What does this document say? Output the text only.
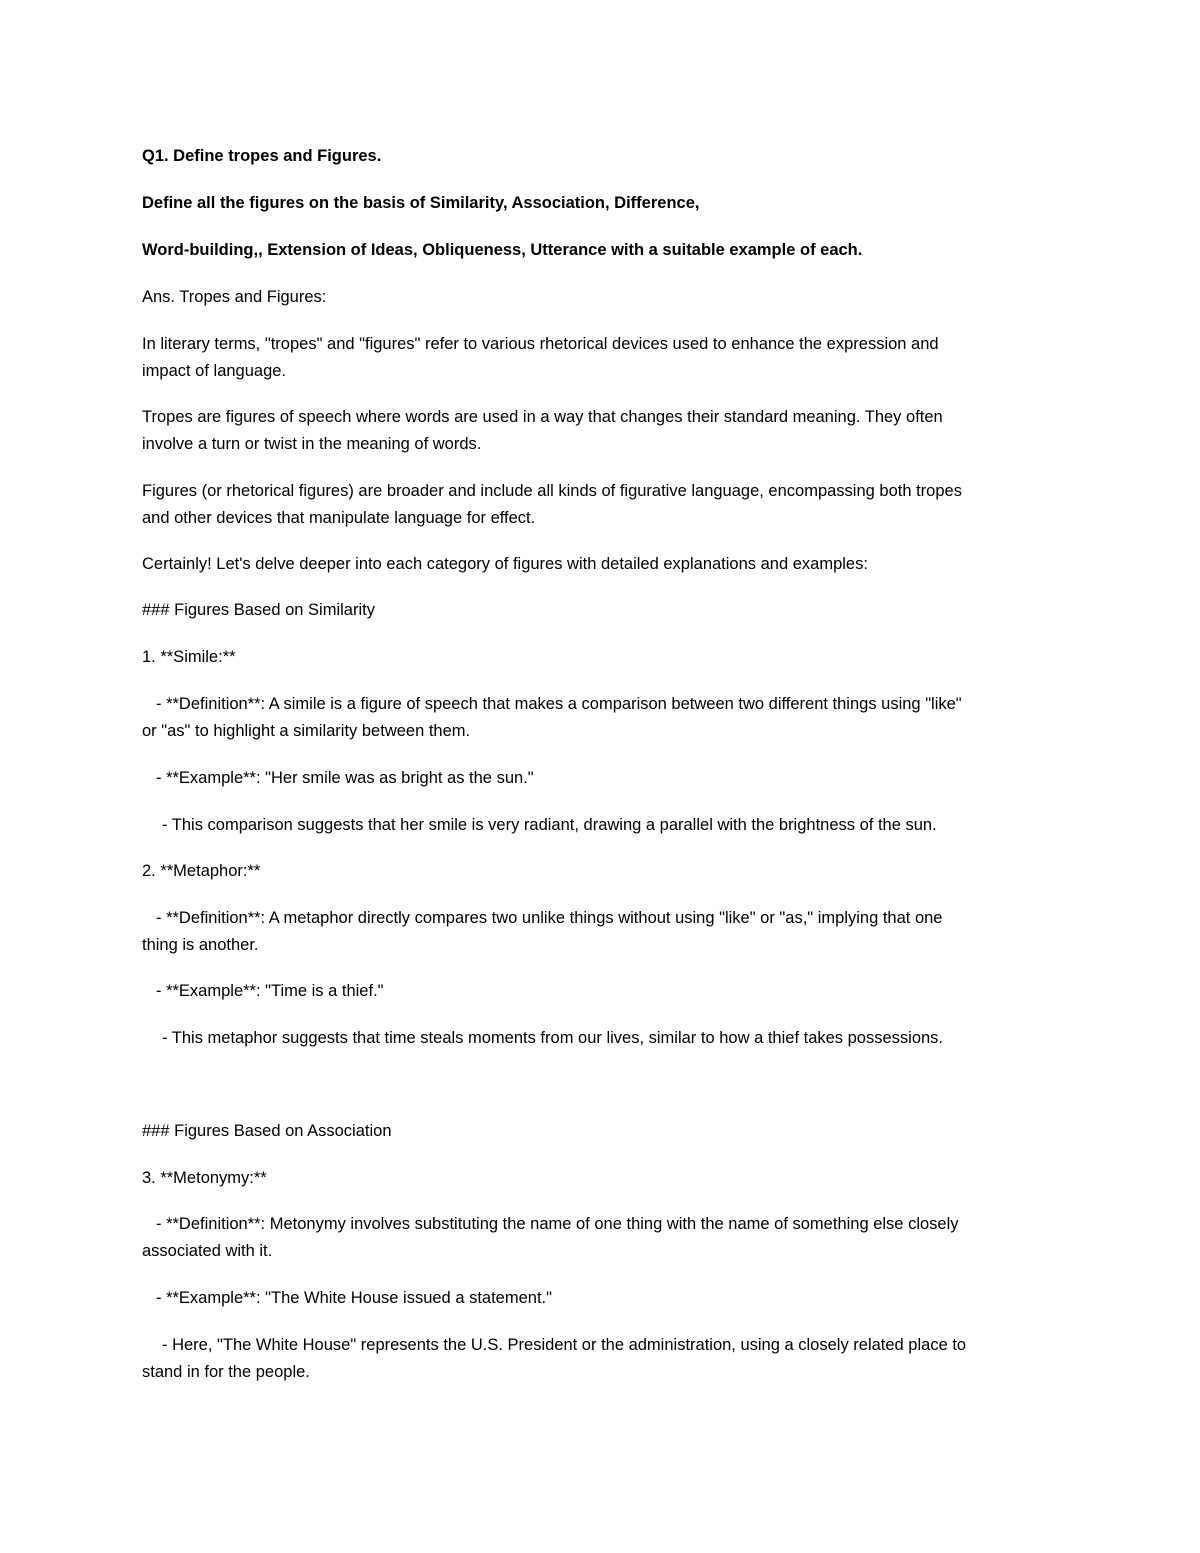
Q1. Define tropes and Figures.

Define all the figures on the basis of Similarity, Association, Difference,

Word-building,, Extension of Ideas, Obliqueness, Utterance with a suitable example of each.

Ans. Tropes and Figures:

In literary terms, "tropes" and "figures" refer to various rhetorical devices used to enhance the expression and

impact of language.

Tropes are figures of speech where words are used in a way that changes their standard meaning. They often

involve a turn or twist in the meaning of words.

Figures (or rhetorical figures) are broader and include all kinds of figurative language, encompassing both tropes

and other devices that manipulate language for effect.

Certainly! Let's delve deeper into each category of figures with detailed explanations and examples:

### Figures Based on Similarity

1. **Simile:**

- **Definition**: A simile is a figure of speech that makes a comparison between two different things using "like"

or "as" to highlight a similarity between them.

- **Example**: "Her smile was as bright as the sun."

- This comparison suggests that her smile is very radiant, drawing a parallel with the brightness of the sun.

2. **Metaphor:**

- **Definition**: A metaphor directly compares two unlike things without using "like" or "as," implying that one

thing is another.

- **Example**: "Time is a thief."

- This metaphor suggests that time steals moments from our lives, similar to how a thief takes possessions.

### Figures Based on Association

3. **Metonymy:**

- **Definition**: Metonymy involves substituting the name of one thing with the name of something else closely

associated with it.

- **Example**: "The White House issued a statement."

- Here, "The White House" represents the U.S. President or the administration, using a closely related place to

stand in for the people.
